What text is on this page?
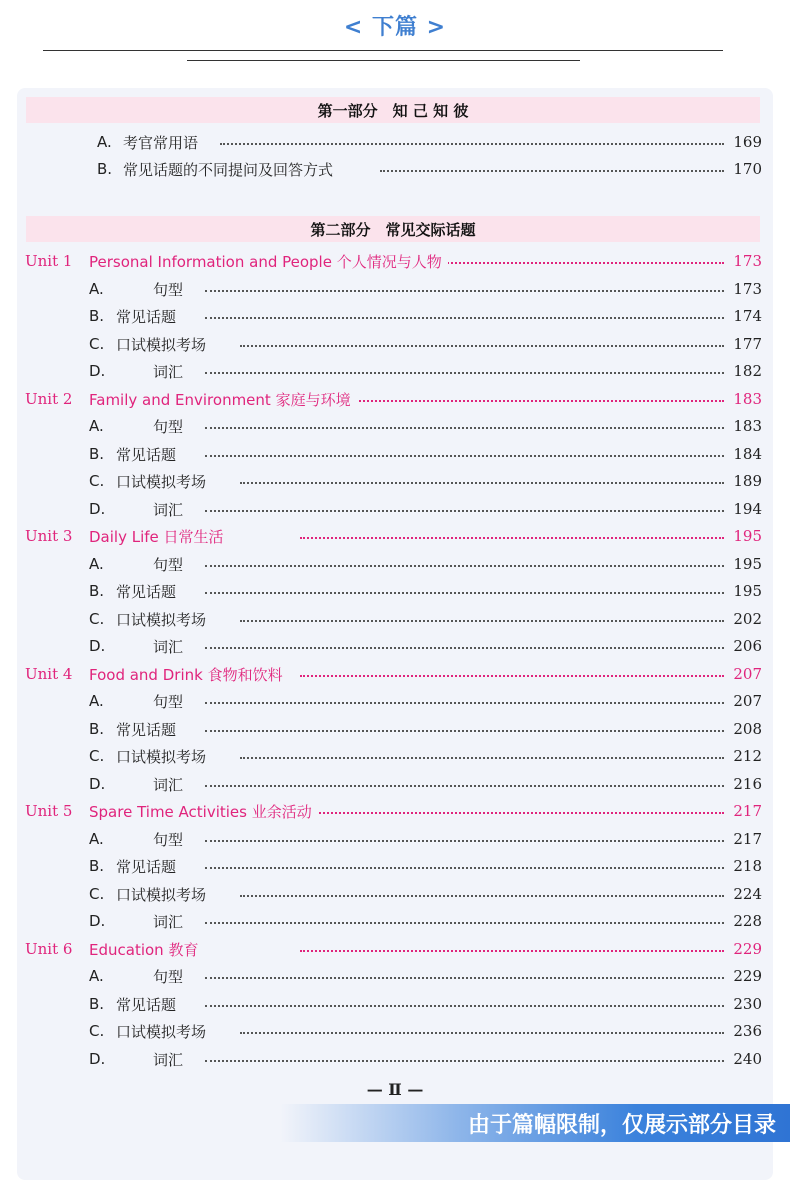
< 下篇 >
第一部分　知 己 知 彼
A. 考官常用语	169
B. 常见话题的不同提问及回答方式	170
第二部分　常见交际话题
Unit 1 Personal Information and People 个人情况与人物	173
A.	句型	173
B. 常见话题	174
C. 口试模拟考场	177
D.	词汇	182
Unit 2 Family and Environment 家庭与环境	183
A.	句型	183
B. 常见话题	184
C. 口试模拟考场	189
D.	词汇	194
Unit 3 Daily Life 日常生活	195
A.	句型	195
B. 常见话题	195
C. 口试模拟考场	202
D.	词汇	206
Unit 4 Food and Drink 食物和饮料	207
A.	句型	207
B. 常见话题	208
C. 口试模拟考场	212
D.	词汇	216
Unit 5 Spare Time Activities 业余活动	217
A.	句型	217
B. 常见话题	218
C. 口试模拟考场	224
D.	词汇	228
Unit 6 Education 教育	229
A.	句型	229
B. 常见话题	230
C. 口试模拟考场	236
D.	词汇	240
— Ⅱ —
由于篇幅限制，仅展示部分目录
